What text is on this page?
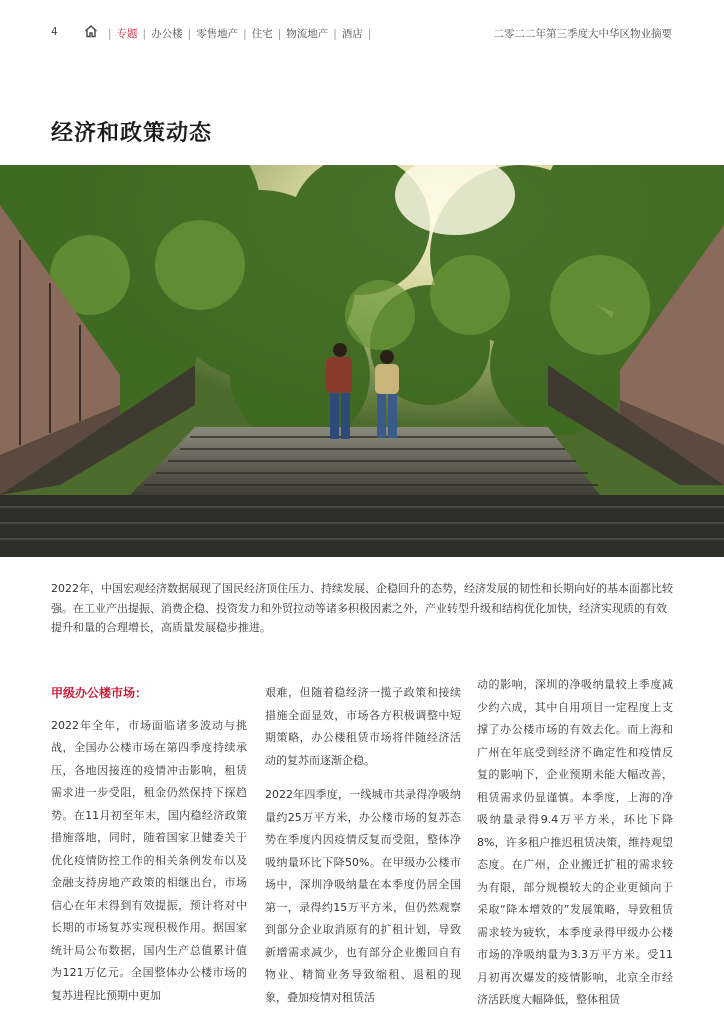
4	| 专题 | 办公楼 | 零售地产 | 住宅 | 物流地产 | 酒店 |	二零二二年第三季度大中华区物业摘要
经济和政策动态

2022年，中国宏观经济数据展现了国民经济顶住压力、持续发展、企稳回升的态势，经济发展的韧性和长期向好的基本面都比较强。在工业产出提振、消费企稳、投资发力和外贸拉动等诸多积极因素之外，产业转型升级和结构优化加快，经济实现质的有效提升和量的合理增长，高质量发展稳步推进。

甲级办公楼市场：

2022年全年，市场面临诸多波动与挑战，全国办公楼市场在第四季度持续承压，各地因接连的疫情冲击影响，租赁需求进一步受阻，租金仍然保持下探趋势。在11月初至年末，国内稳经济政策措施落地，同时，随着国家卫健委关于优化疫情防控工作的相关条例发布以及金融支持房地产政策的相继出台，市场信心在年末得到有效提振，预计将对中长期的市场复苏实现积极作用。据国家统计局公布数据，国内生产总值累计值为121万亿元。全国整体办公楼市场的复苏进程比预期中更加

艰难，但随着稳经济一揽子政策和接续措施全面显效，市场各方积极调整中短期策略，办公楼租赁市场将伴随经济活动的复苏而逐渐企稳。

2022年四季度，一线城市共录得净吸纳量约25万平方米，办公楼市场的复苏态势在季度内因疫情反复而受阻，整体净吸纳量环比下降50%。在甲级办公楼市场中，深圳净吸纳量在本季度仍居全国第一，录得约15万平方米，但仍然观察到部分企业取消原有的扩租计划，导致新增需求减少，也有部分企业搬回自有物业、精简业务导致缩租、退租的现象，叠加疫情对租赁活

动的影响，深圳的净吸纳量较上季度减少约六成，其中自用项目一定程度上支撑了办公楼市场的有效去化。而上海和广州在年底受到经济不确定性和疫情反复的影响下，企业预期未能大幅改善，租赁需求仍显谨慎。本季度，上海的净吸纳量录得9.4万平方米，环比下降8%，许多租户推迟租赁决策，维持观望态度。在广州，企业搬迁扩租的需求较为有限，部分规模较大的企业更倾向于采取“降本增效的”发展策略，导致租赁需求较为疲软，本季度录得甲级办公楼市场的净吸纳量为3.3万平方米。受11月初再次爆发的疫情影响，北京全市经济活跃度大幅降低，整体租赁
